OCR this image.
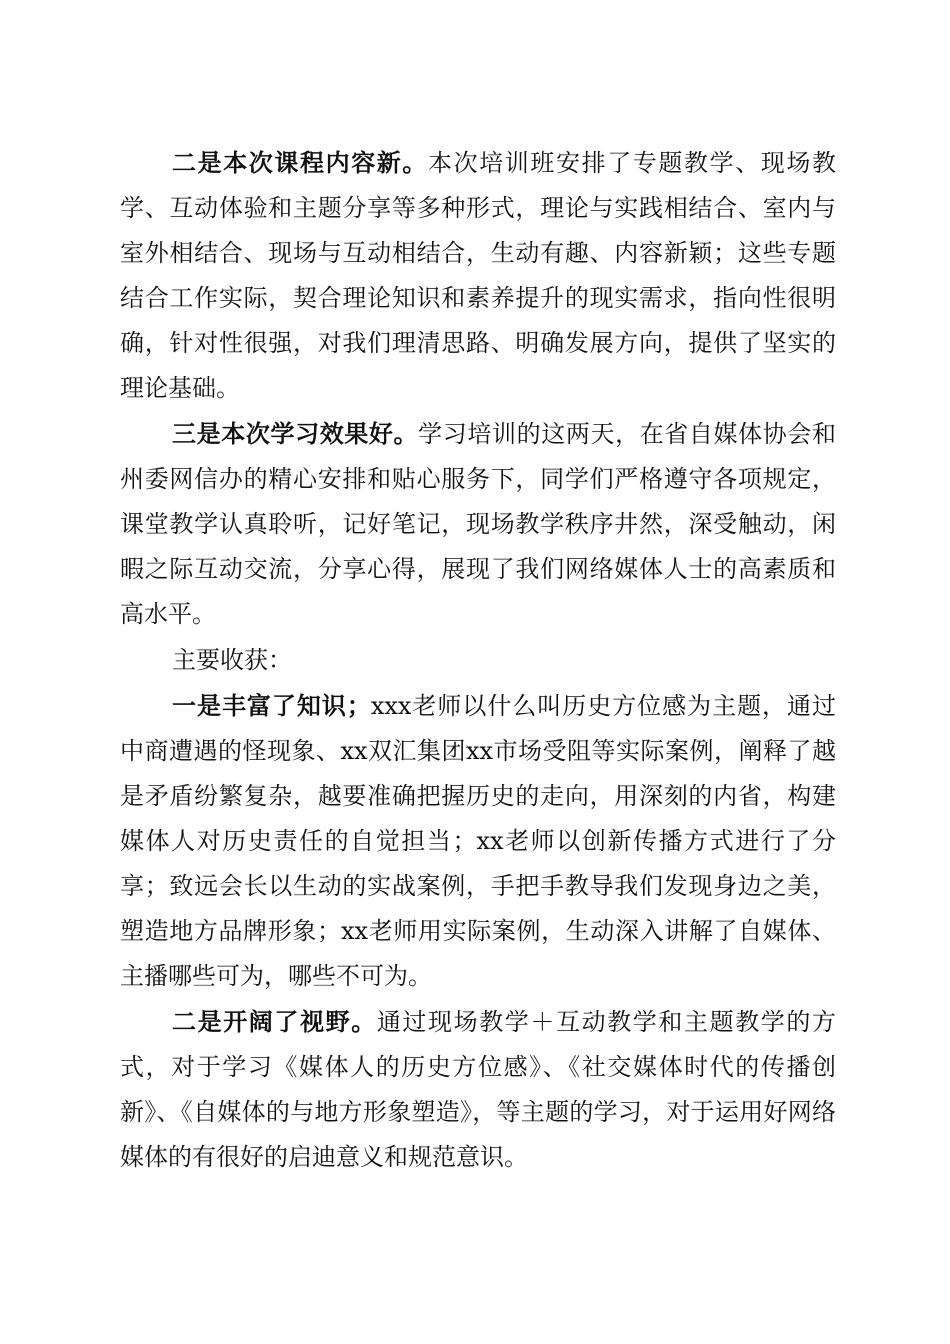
二是本次课程内容新。本次培训班安排了专题教学、现场教学、互动体验和主题分享等多种形式，理论与实践相结合、室内与室外相结合、现场与互动相结合，生动有趣、内容新颖；这些专题结合工作实际，契合理论知识和素养提升的现实需求，指向性很明确，针对性很强，对我们理清思路、明确发展方向，提供了坚实的理论基础。

三是本次学习效果好。学习培训的这两天，在省自媒体协会和州委网信办的精心安排和贴心服务下，同学们严格遵守各项规定，课堂教学认真聆听，记好笔记，现场教学秩序井然，深受触动，闲暇之际互动交流，分享心得，展现了我们网络媒体人士的高素质和高水平。

主要收获：

一是丰富了知识；xxx老师以什么叫历史方位感为主题，通过中商遭遇的怪现象、xx双汇集团xx市场受阻等实际案例，阐释了越是矛盾纷繁复杂，越要准确把握历史的走向，用深刻的内省，构建媒体人对历史责任的自觉担当；xx老师以创新传播方式进行了分享；致远会长以生动的实战案例，手把手教导我们发现身边之美，塑造地方品牌形象；xx老师用实际案例，生动深入讲解了自媒体、主播哪些可为，哪些不可为。

二是开阔了视野。通过现场教学＋互动教学和主题教学的方式，对于学习《媒体人的历史方位感》、《社交媒体时代的传播创新》、《自媒体的与地方形象塑造》，等主题的学习，对于运用好网络媒体的有很好的启迪意义和规范意识。
